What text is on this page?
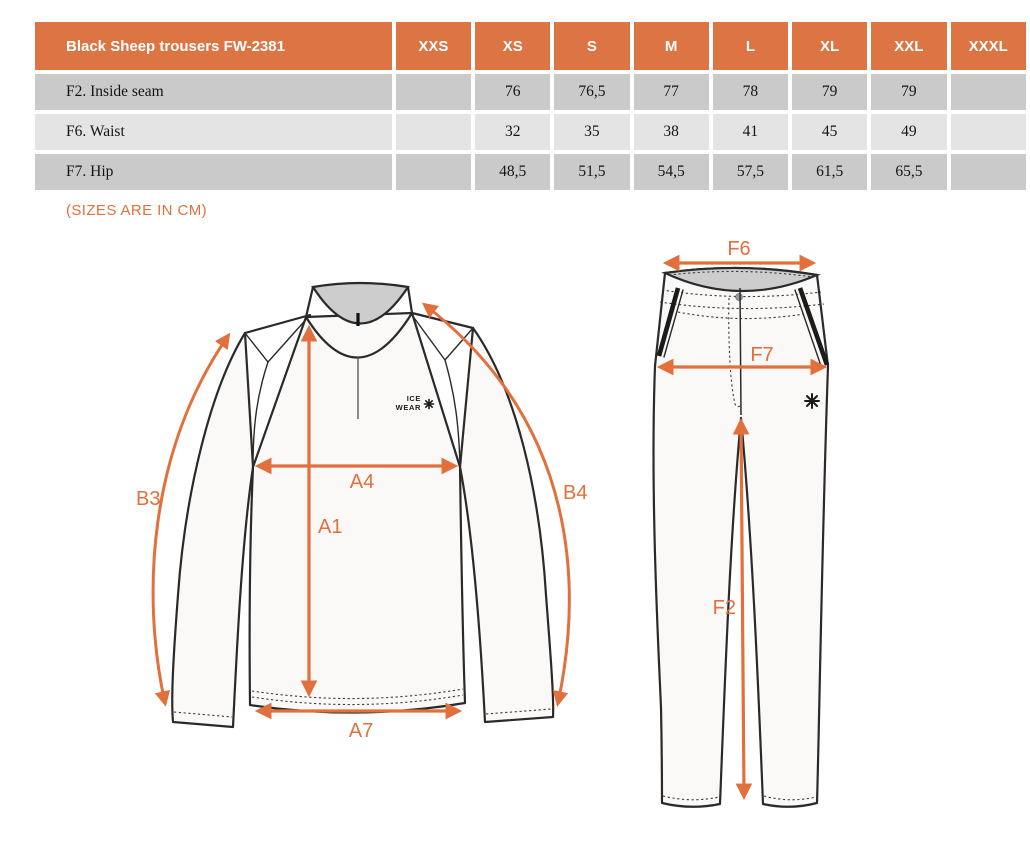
Black Sheep trousers FW-2381	XXS	XS	S	M	L	XL	XXL	XXXL
F2. Inside seam		76	76,5	77	78	79	79	
F6. Waist		32	35	38	41	45	49	
F7. Hip		48,5	51,5	54,5	57,5	61,5	65,5	
(SIZES ARE IN CM)
ICE
WEAR
B3	B4
A4
A1
A7
F6
F7
F2
